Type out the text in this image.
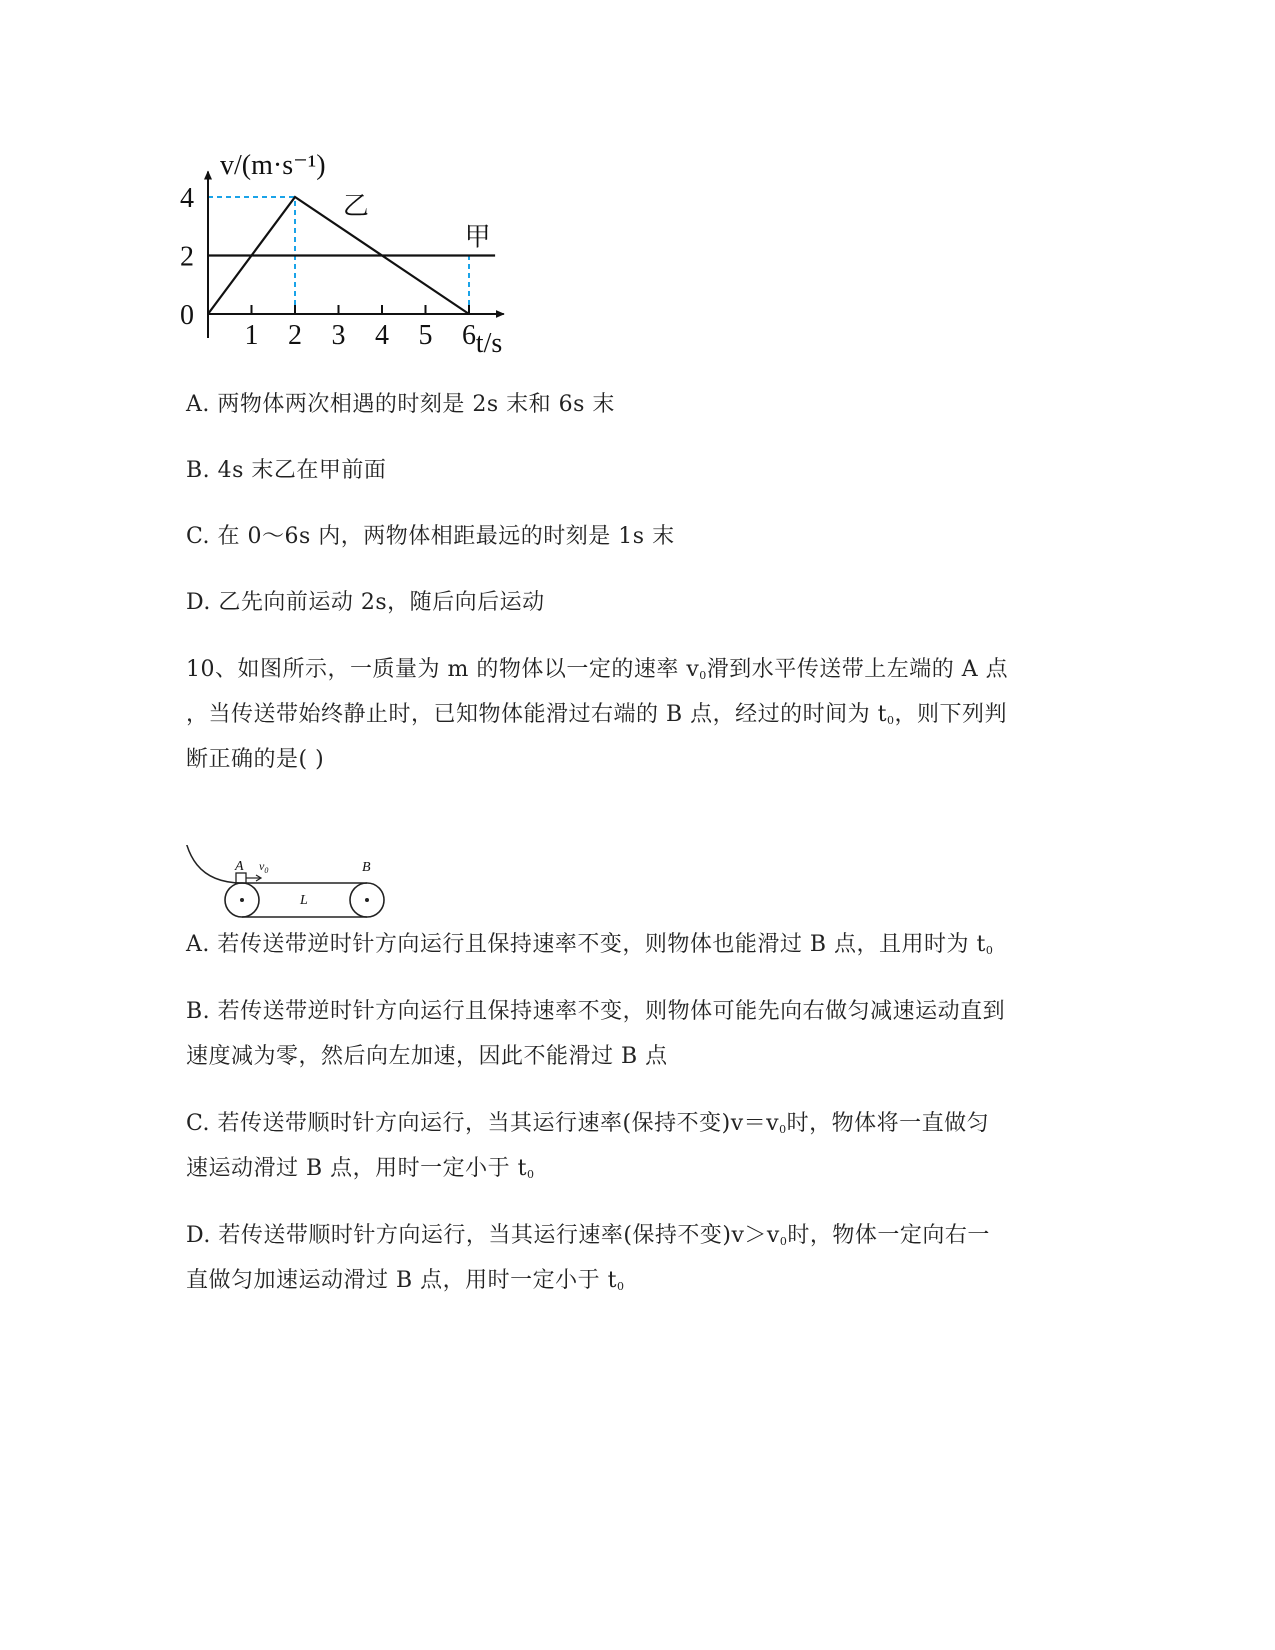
1 2 3 4 5 6
0
2
4
v/(m·s⁻¹)
t/s
甲
乙
A. 两物体两次相遇的时刻是 2s 末和 6s 末
B. 4s 末乙在甲前面
C. 在 0～6s 内，两物体相距最远的时刻是 1s 末
D. 乙先向前运动 2s，随后向后运动
10、如图所示，一质量为 m 的物体以一定的速率 $v_0$滑到水平传送带上左端的 A 点
，当传送带始终静止时，已知物体能滑过右端的 B 点，经过的时间为 $t_0$，则下列判
断正确的是( )
A $v_0$	B
L
A. 若传送带逆时针方向运行且保持速率不变，则物体也能滑过 B 点，且用时为 $t_0$
B. 若传送带逆时针方向运行且保持速率不变，则物体可能先向右做匀减速运动直到
速度减为零，然后向左加速，因此不能滑过 B 点
C. 若传送带顺时针方向运行，当其运行速率(保持不变)$v=v_0$时，物体将一直做匀
速运动滑过 B 点，用时一定小于 $t_0$
D. 若传送带顺时针方向运行，当其运行速率(保持不变)$v>v_0$时，物体一定向右一
直做匀加速运动滑过 B 点，用时一定小于 $t_0$
